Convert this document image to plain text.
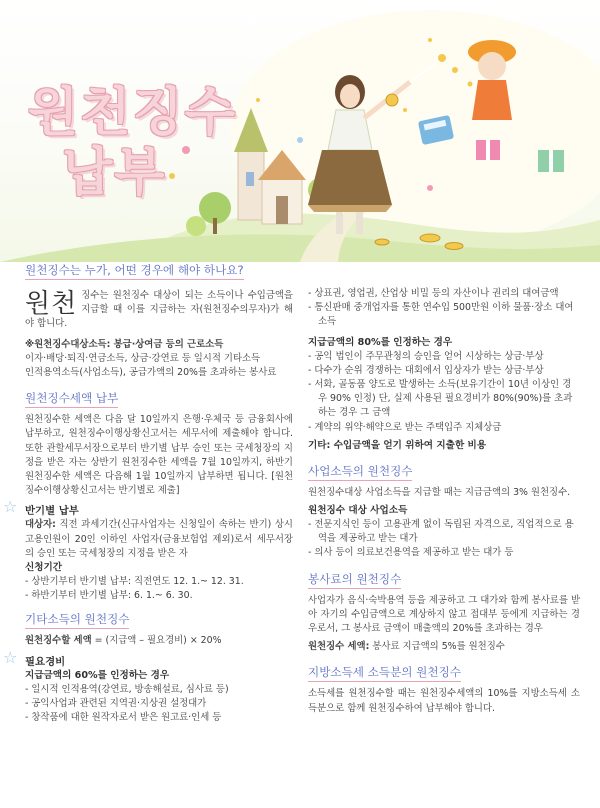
원천징수
납부
원천징수는 누가, 어떤 경우에 해야 하나요?
원천 징수는 원천징수 대상이 되는 소득이나 수입금액을 지급할 때 이를 지급하는 자(원천징수의무자)가 해야 합니다.

※원천징수대상소득: 봉급·상여금 등의 근로소득

이자·배당·퇴직·연금소득, 상금·강연료 등 일시적 기타소득

인적용역소득(사업소득), 공급가액의 20%를 초과하는 봉사료

원천징수세액 납부

원천징수한 세액은 다음 달 10일까지 은행·우체국 등 금융회사에 납부하고, 원천징수이행상황신고서는 세무서에 제출해야 합니다. 또한 관할세무서장으로부터 반기별 납부 승인 또는 국세청장의 지정을 받은 자는 상반기 원천징수한 세액을 7월 10일까지, 하반기 원천징수한 세액은 다음해 1월 10일까지 납부하면 됩니다. [원천징수이행상황신고서는 반기별로 제출]

☆ 반기별 납부

대상자: 직전 과세기간(신규사업자는 신청일이 속하는 반기) 상시 고용인원이 20인 이하인 사업자(금융보험업 제외)로서 세무서장의 승인 또는 국세청장의 지정을 받은 자

신청기간

- 상반기부터 반기별 납부: 직전연도 12. 1.~ 12. 31.

- 하반기부터 반기별 납부: 6. 1.~ 6. 30.

기타소득의 원천징수

원천징수할 세액 = (지급액 – 필요경비) × 20%

☆ 필요경비

지급금액의 60%를 인정하는 경우

- 일시적 인적용역(강연료, 방송해설료, 심사료 등)

- 공익사업과 관련된 지역권·지상권 설정대가

- 창작품에 대한 원작자로서 받은 원고료·인세 등

- 상표권, 영업권, 산업상 비밀 등의 자산이나 권리의 대여금액

- 통신판매 중개업자를 통한 연수입 500만원 이하 물품·장소 대여소득

지급금액의 80%를 인정하는 경우

- 공익 법인이 주무관청의 승인을 얻어 시상하는 상금·부상

- 다수가 순위 경쟁하는 대회에서 입상자가 받는 상금·부상

- 서화, 골동품 양도로 발생하는 소득(보유기간이 10년 이상인 경우 90% 인정) 단, 실제 사용된 필요경비가 80%(90%)를 초과하는 경우 그 금액

- 계약의 위약·해약으로 받는 주택입주 지체상금

기타: 수입금액을 얻기 위하여 지출한 비용

사업소득의 원천징수

원천징수대상 사업소득을 지급할 때는 지급금액의 3% 원천징수.

원천징수 대상 사업소득

- 전문지식인 등이 고용관계 없이 독립된 자격으로, 직업적으로 용역을 제공하고 받는 대가

- 의사 등이 의료보건용역을 제공하고 받는 대가 등

봉사료의 원천징수

사업자가 음식·숙박용역 등을 제공하고 그 대가와 함께 봉사료를 받아 자기의 수입금액으로 계상하지 않고 접대부 등에게 지급하는 경우로서, 그 봉사료 금액이 매출액의 20%를 초과하는 경우

원천징수 세액: 봉사료 지급액의 5%를 원천징수

지방소득세 소득분의 원천징수

소득세를 원천징수할 때는 원천징수세액의 10%를 지방소득세 소득분으로 함께 원천징수하여 납부해야 합니다.
